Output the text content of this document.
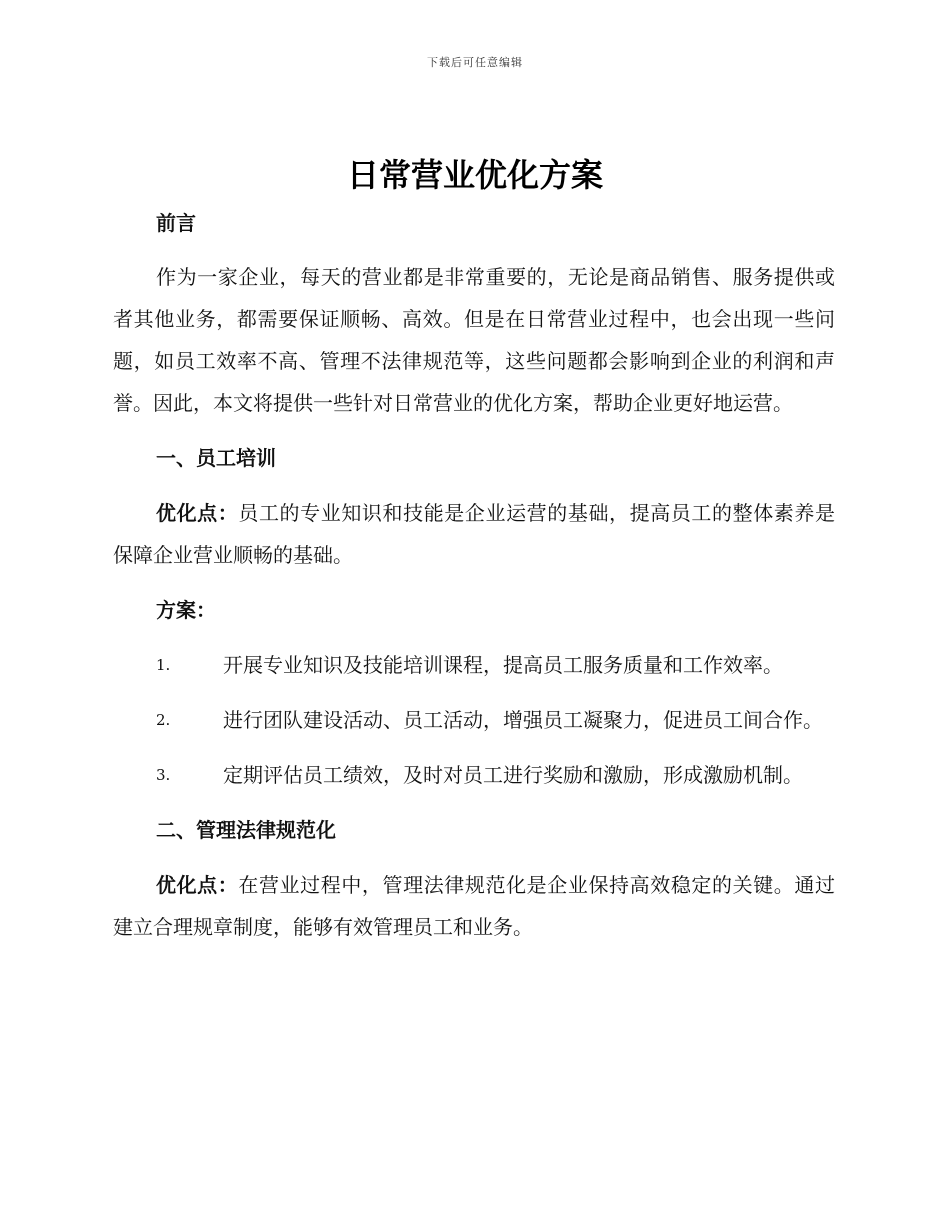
下载后可任意编辑
日常营业优化方案

前言

作为一家企业，每天的营业都是非常重要的，无论是商品销售、服务提供或者其他业务，都需要保证顺畅、高效。但是在日常营业过程中，也会出现一些问题，如员工效率不高、管理不法律规范等，这些问题都会影响到企业的利润和声誉。因此，本文将提供一些针对日常营业的优化方案，帮助企业更好地运营。

一、员工培训

优化点：员工的专业知识和技能是企业运营的基础，提高员工的整体素养是保障企业营业顺畅的基础。

方案：

1.	开展专业知识及技能培训课程，提高员工服务质量和工作效率。

2.	进行团队建设活动、员工活动，增强员工凝聚力，促进员工间合作。

3.	定期评估员工绩效，及时对员工进行奖励和激励，形成激励机制。

二、管理法律规范化

优化点：在营业过程中，管理法律规范化是企业保持高效稳定的关键。通过建立合理规章制度，能够有效管理员工和业务。
